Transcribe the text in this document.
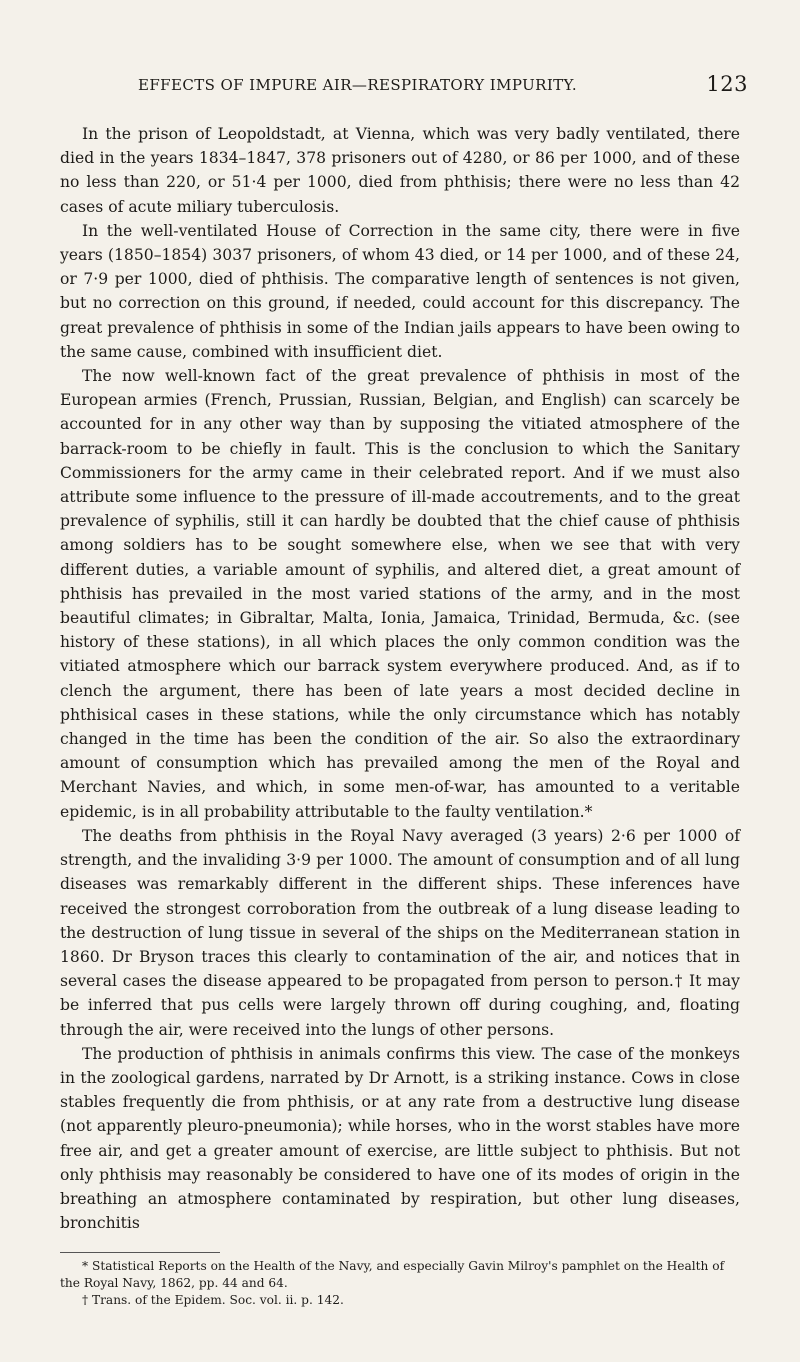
EFFECTS OF IMPURE AIR—RESPIRATORY IMPURITY.	123

In the prison of Leopoldstadt, at Vienna, which was very badly ventilated, there died in the years 1834–1847, 378 prisoners out of 4280, or 86 per 1000, and of these no less than 220, or 51·4 per 1000, died from phthisis; there were no less than 42 cases of acute miliary tuberculosis.

In the well-ventilated House of Correction in the same city, there were in five years (1850–1854) 3037 prisoners, of whom 43 died, or 14 per 1000, and of these 24, or 7·9 per 1000, died of phthisis. The comparative length of sentences is not given, but no correction on this ground, if needed, could account for this discrepancy. The great prevalence of phthisis in some of the Indian jails appears to have been owing to the same cause, combined with insufficient diet.

The now well-known fact of the great prevalence of phthisis in most of the European armies (French, Prussian, Russian, Belgian, and English) can scarcely be accounted for in any other way than by supposing the vitiated atmosphere of the barrack-room to be chiefly in fault. This is the conclusion to which the Sanitary Commissioners for the army came in their celebrated report. And if we must also attribute some influence to the pressure of ill-made accoutrements, and to the great prevalence of syphilis, still it can hardly be doubted that the chief cause of phthisis among soldiers has to be sought somewhere else, when we see that with very different duties, a variable amount of syphilis, and altered diet, a great amount of phthisis has prevailed in the most varied stations of the army, and in the most beautiful climates; in Gibraltar, Malta, Ionia, Jamaica, Trinidad, Bermuda, &c. (see history of these stations), in all which places the only common condition was the vitiated atmosphere which our barrack system everywhere produced. And, as if to clench the argument, there has been of late years a most decided decline in phthisical cases in these stations, while the only circumstance which has notably changed in the time has been the condition of the air. So also the extraordinary amount of consumption which has prevailed among the men of the Royal and Merchant Navies, and which, in some men-of-war, has amounted to a veritable epidemic, is in all probability attributable to the faulty ventilation.*

The deaths from phthisis in the Royal Navy averaged (3 years) 2·6 per 1000 of strength, and the invaliding 3·9 per 1000. The amount of consumption and of all lung diseases was remarkably different in the different ships. These inferences have received the strongest corroboration from the outbreak of a lung disease leading to the destruction of lung tissue in several of the ships on the Mediterranean station in 1860. Dr Bryson traces this clearly to contamination of the air, and notices that in several cases the disease appeared to be propagated from person to person.† It may be inferred that pus cells were largely thrown off during coughing, and, floating through the air, were received into the lungs of other persons.

The production of phthisis in animals confirms this view. The case of the monkeys in the zoological gardens, narrated by Dr Arnott, is a striking instance. Cows in close stables frequently die from phthisis, or at any rate from a destructive lung disease (not apparently pleuro-pneumonia); while horses, who in the worst stables have more free air, and get a greater amount of exercise, are little subject to phthisis. But not only phthisis may reasonably be considered to have one of its modes of origin in the breathing an atmosphere contaminated by respiration, but other lung diseases, bronchitis

* Statistical Reports on the Health of the Navy, and especially Gavin Milroy's pamphlet on the Health of the Royal Navy, 1862, pp. 44 and 64.

† Trans. of the Epidem. Soc. vol. ii. p. 142.
